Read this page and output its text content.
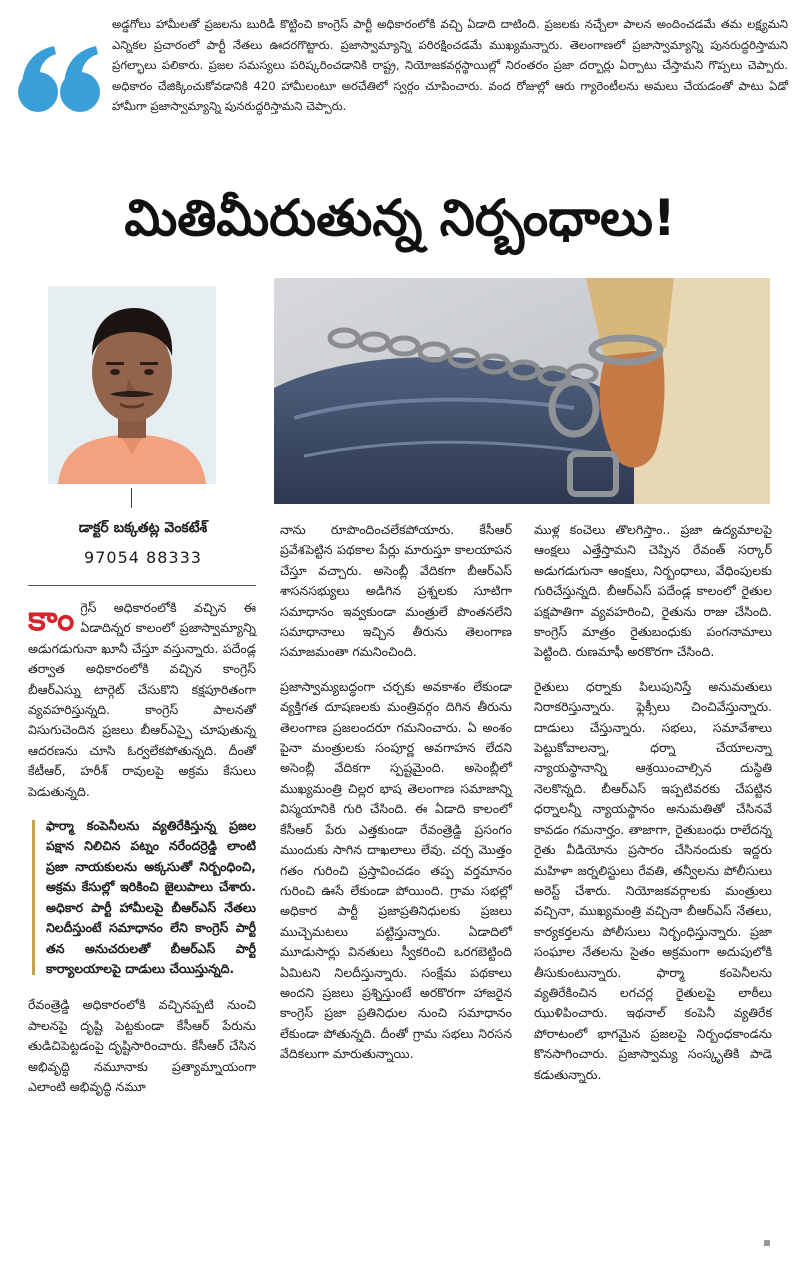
అడ్డగోలు హామీలతో ప్రజలను బురిడీ కొట్టించి కాంగ్రెస్ పార్టీ అధికారంలోకి వచ్చి ఏడాది దాటింది. ప్రజలకు నచ్చేలా పాలన అందించడమే తమ లక్ష్యమని ఎన్నికల ప్రచారంలో పార్టీ నేతలు ఊదరగొట్టారు. ప్రజాస్వామ్యాన్ని పరిరక్షించడమే ముఖ్యమన్నారు. తెలంగాణలో ప్రజాస్వామ్యాన్ని పునరుద్ధరిస్తామని ప్రగల్భాలు పలికారు. ప్రజల సమస్యలు పరిష్కరించడానికి రాష్ట్ర, నియోజకవర్గస్థాయిల్లో నిరంతరం ప్రజా దర్బార్లు ఏర్పాటు చేస్తామని గొప్పలు చెప్పారు. అధికారం చేజిక్కించుకోవడానికి 420 హామీలంటూ అరచేతిలో స్వర్గం చూపించారు. వంద రోజుల్లో ఆరు గ్యారెంటీలను అమలు చేయడంతో పాటు ఏడో హామీగా ప్రజాస్వామ్యాన్ని పునరుద్ధరిస్తామని చెప్పారు.

మితిమీరుతున్న నిర్బంధాలు!

డాక్టర్ బక్కతట్ల వెంకటేశ్

97054 88333

కాం గ్రెస్ అధికారంలోకి వచ్చిన ఈ ఏడాదిన్నర కాలంలో ప్రజాస్వామ్యాన్ని అడుగడుగునా ఖూనీ చేస్తూ వస్తున్నారు. పదేండ్ల తర్వాత అధికారంలోకి వచ్చిన కాంగ్రెస్ బీఆర్ఎస్ను టార్గెట్ చేసుకొని కక్షపూరితంగా వ్యవహరిస్తున్నది. కాంగ్రెస్ పాలనతో విసుగుచెందిన ప్రజలు బీఆర్ఎస్పై చూపుతున్న ఆదరణను చూసి ఓర్వలేకపోతున్నది. దీంతో కేటీఆర్, హరీశ్ రావులపై అక్రమ కేసులు పెడుతున్నది.

ఫార్మా కంపెనీలను వ్యతిరేకిస్తున్న ప్రజల పక్షాన నిలిచిన పట్నం నరేందర్రెడ్డి లాంటి ప్రజా నాయకులను అక్కసుతో నిర్బంధించి, అక్రమ కేసుల్లో ఇరికించి జైలుపాలు చేశారు. అధికార పార్టీ హామీలపై బీఆర్ఎస్ నేతలు నిలదీస్తుంటే సమాధానం లేని కాంగ్రెస్ పార్టీ తన అనుచరులతో బీఆర్ఎస్ పార్టీ కార్యాలయాలపై దాడులు చేయిస్తున్నది.

రేవంత్రెడ్డి అధికారంలోకి వచ్చినప్పటి నుంచి పాలనపై దృష్టి పెట్టకుండా కేసీఆర్ పేరును తుడిచిపెట్టడంపై దృష్టిసారించారు. కేసీఆర్ చేసిన అభివృద్ధి నమూనాకు ప్రత్యామ్నాయంగా ఎలాంటి అభివృద్ధి నమూ

నాను రూపొందించలేకపోయారు. కేసీఆర్ ప్రవేశపెట్టిన పథకాల పేర్లు మారుస్తూ కాలయాపన చేస్తూ వచ్చారు. అసెంబ్లీ వేదికగా బీఆర్ఎస్ శాసనసభ్యులు అడిగిన ప్రశ్నలకు సూటిగా సమాధానం ఇవ్వకుండా మంత్రులే పొంతనలేని సమాధానాలు ఇచ్చిన తీరును తెలంగాణ సమాజమంతా గమనించింది.

ప్రజాస్వామ్యబద్ధంగా చర్చకు అవకాశం లేకుండా వ్యక్తిగత దూషణలకు మంత్రివర్గం దిగిన తీరును తెలంగాణ ప్రజలందరూ గమనించారు. ఏ అంశం పైనా మంత్రులకు సంపూర్ణ అవగాహన లేదని అసెంబ్లీ వేదికగా స్పష్టమైంది. అసెంబ్లీలో ముఖ్యమంత్రి చిల్లర భాష తెలంగాణ సమాజాన్ని విస్మయానికి గురి చేసింది. ఈ ఏడాది కాలంలో కేసీఆర్ పేరు ఎత్తకుండా రేవంత్రెడ్డి ప్రసంగం ముందుకు సాగిన దాఖలాలు లేవు. చర్చ మొత్తం గతం గురించి ప్రస్తావించడం తప్ప వర్తమానం గురించి ఊసే లేకుండా పోయింది. గ్రామ సభల్లో అధికార పార్టీ ప్రజాప్రతినిధులకు ప్రజలు ముచ్చెమటలు పట్టిస్తున్నారు. ఏడాదిలో మూడుసార్లు వినతులు స్వీకరించి ఒరగబెట్టింది ఏమిటని నిలదీస్తున్నారు. సంక్షేమ పథకాలు అందని ప్రజలు ప్రశ్నిస్తుంటే అరకొరగా హాజరైన కాంగ్రెస్ ప్రజా ప్రతినిధుల నుంచి సమాధానం లేకుండా పోతున్నది. దీంతో గ్రామ సభలు నిరసన వేదికలుగా మారుతున్నాయి.

ముళ్ల కంచెలు తొలగిస్తాం.. ప్రజా ఉద్యమాలపై ఆంక్షలు ఎత్తేస్తామని చెప్పిన రేవంత్ సర్కార్ అడుగడుగునా ఆంక్షలు, నిర్బంధాలు, వేధింపులకు గురిచేస్తున్నది. బీఆర్ఎస్ పదేండ్ల కాలంలో రైతుల పక్షపాతిగా వ్యవహరించి, రైతును రాజు చేసింది. కాంగ్రెస్ మాత్రం రైతుబంధుకు పంగనామాలు పెట్టింది. రుణమాఫీ అరకొరగా చేసింది.

రైతులు ధర్నాకు పిలుపునిస్తే అనుమతులు నిరాకరిస్తున్నారు. ఫ్లెక్సీలు చించివేస్తున్నారు. దాడులు చేస్తున్నారు. సభలు, సమావేశాలు పెట్టుకోవాలన్నా, ధర్నా చేయాలన్నా న్యాయస్థానాన్ని ఆశ్రయించాల్సిన దుస్థితి నెలకొన్నది. బీఆర్ఎస్ ఇప్పటివరకు చేపట్టిన ధర్నాలన్నీ న్యాయస్థానం అనుమతితో చేసినవే కావడం గమనార్హం. తాజాగా, రైతుబంధు రాలేదన్న రైతు వీడియోను ప్రసారం చేసినందుకు ఇద్దరు మహిళా జర్నలిస్టులు రేవతి, తన్వీలను పోలీసులు అరెస్ట్ చేశారు. నియోజకవర్గాలకు మంత్రులు వచ్చినా, ముఖ్యమంత్రి వచ్చినా బీఆర్ఎస్ నేతలు, కార్యకర్తలను పోలీసులు నిర్బంధిస్తున్నారు. ప్రజా సంఘాల నేతలను సైతం అక్రమంగా అదుపులోకి తీసుకుంటున్నారు. ఫార్మా కంపెనీలను వ్యతిరేకించిన లగచర్ల రైతులపై లాఠీలు ఝుళిపించారు. ఇథనాల్ కంపెనీ వ్యతిరేక పోరాటంలో భాగమైన ప్రజలపై నిర్బంధకాండను కొనసాగించారు. ప్రజాస్వామ్య సంస్కృతికి పాడె కడుతున్నారు.
